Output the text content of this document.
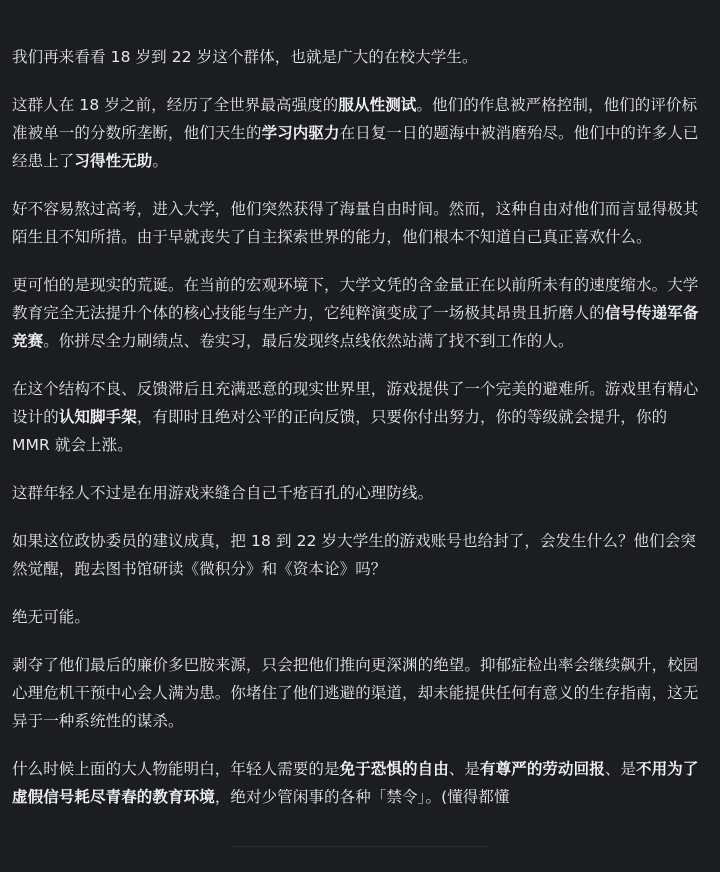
我们再来看看 18 岁到 22 岁这个群体，也就是广大的在校大学生。

这群人在 18 岁之前，经历了全世界最高强度的服从性测试。他们的作息被严格控制，他们的评价标准被单一的分数所垄断，他们天生的学习内驱力在日复一日的题海中被消磨殆尽。他们中的许多人已经患上了习得性无助。

好不容易熬过高考，进入大学，他们突然获得了海量自由时间。然而，这种自由对他们而言显得极其陌生且不知所措。由于早就丧失了自主探索世界的能力，他们根本不知道自己真正喜欢什么。

更可怕的是现实的荒诞。在当前的宏观环境下，大学文凭的含金量正在以前所未有的速度缩水。大学教育完全无法提升个体的核心技能与生产力，它纯粹演变成了一场极其昂贵且折磨人的信号传递军备竞赛。你拼尽全力刷绩点、卷实习，最后发现终点线依然站满了找不到工作的人。

在这个结构不良、反馈滞后且充满恶意的现实世界里，游戏提供了一个完美的避难所。游戏里有精心设计的认知脚手架，有即时且绝对公平的正向反馈，只要你付出努力，你的等级就会提升，你的 MMR 就会上涨。

这群年轻人不过是在用游戏来缝合自己千疮百孔的心理防线。

如果这位政协委员的建议成真，把 18 到 22 岁大学生的游戏账号也给封了，会发生什么？他们会突然觉醒，跑去图书馆研读《微积分》和《资本论》吗？

绝无可能。

剥夺了他们最后的廉价多巴胺来源，只会把他们推向更深渊的绝望。抑郁症检出率会继续飙升，校园心理危机干预中心会人满为患。你堵住了他们逃避的渠道，却未能提供任何有意义的生存指南，这无异于一种系统性的谋杀。

什么时候上面的大人物能明白，年轻人需要的是免于恐惧的自由、是有尊严的劳动回报、是不用为了虚假信号耗尽青春的教育环境，绝对少管闲事的各种「禁令」。(懂得都懂
